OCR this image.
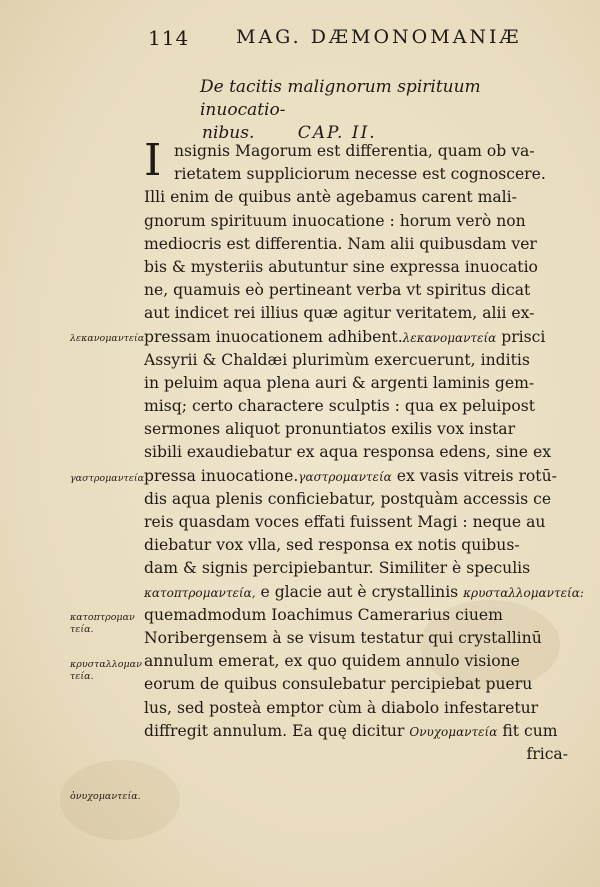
114 MAG. DÆMONOMANIÆ
De tacitis malignorum spirituum inuocatio-
nibus.	CAP. II.
I nsignis Magorum est differentia, quam ob va-
rietatem suppliciorum necesse est cognoscere.
Illi enim de quibus antè agebamus carent mali-
gnorum spirituum inuocatione : horum verò non
mediocris est differentia. Nam alii quibusdam ver
bis & mysteriis abutuntur sine expressa inuocatio
ne, quamuis eò pertineant verba vt spiritus dicat
aut indicet rei illius quæ agitur veritatem, alii ex-
pressam inuocationem adhibent.λεκανομαντεία prisci
Assyrii & Chaldæi plurimùm exercuerunt, inditis
in peluim aqua plena auri & argenti laminis gem-
misq; certo charactere sculptis : qua ex peluipost
sermones aliquot pronuntiatos exilis vox instar
sibili exaudiebatur ex aqua responsa edens, sine ex
pressa inuocatione.γαστρομαντεία ex vasis vitreis rotū-
dis aqua plenis conficiebatur, postquàm accessis ce
reis quasdam voces effati fuissent Magi : neque au
diebatur vox vlla, sed responsa ex notis quibus-
dam & signis percipiebantur. Similiter è speculis
κατοπτρομαντεία, e glacie aut è crystallinis κρυσταλλομαντεία:
quemadmodum Ioachimus Camerarius ciuem
Noribergensem à se visum testatur qui crystallinū
annulum emerat, ex quo quidem annulo visione
eorum de quibus consulebatur percipiebat pueru
lus, sed posteà emptor cùm à diabolo infestaretur
diffregit annulum. Ea quę dicitur Ονυχομαντεία fit cum
frica-
λεκανομαντεία
γαστρομαντεία
κατοπτρομαν
τεία.
κρυσταλλομαν
τεία.
ὀνυχομαντεία.
